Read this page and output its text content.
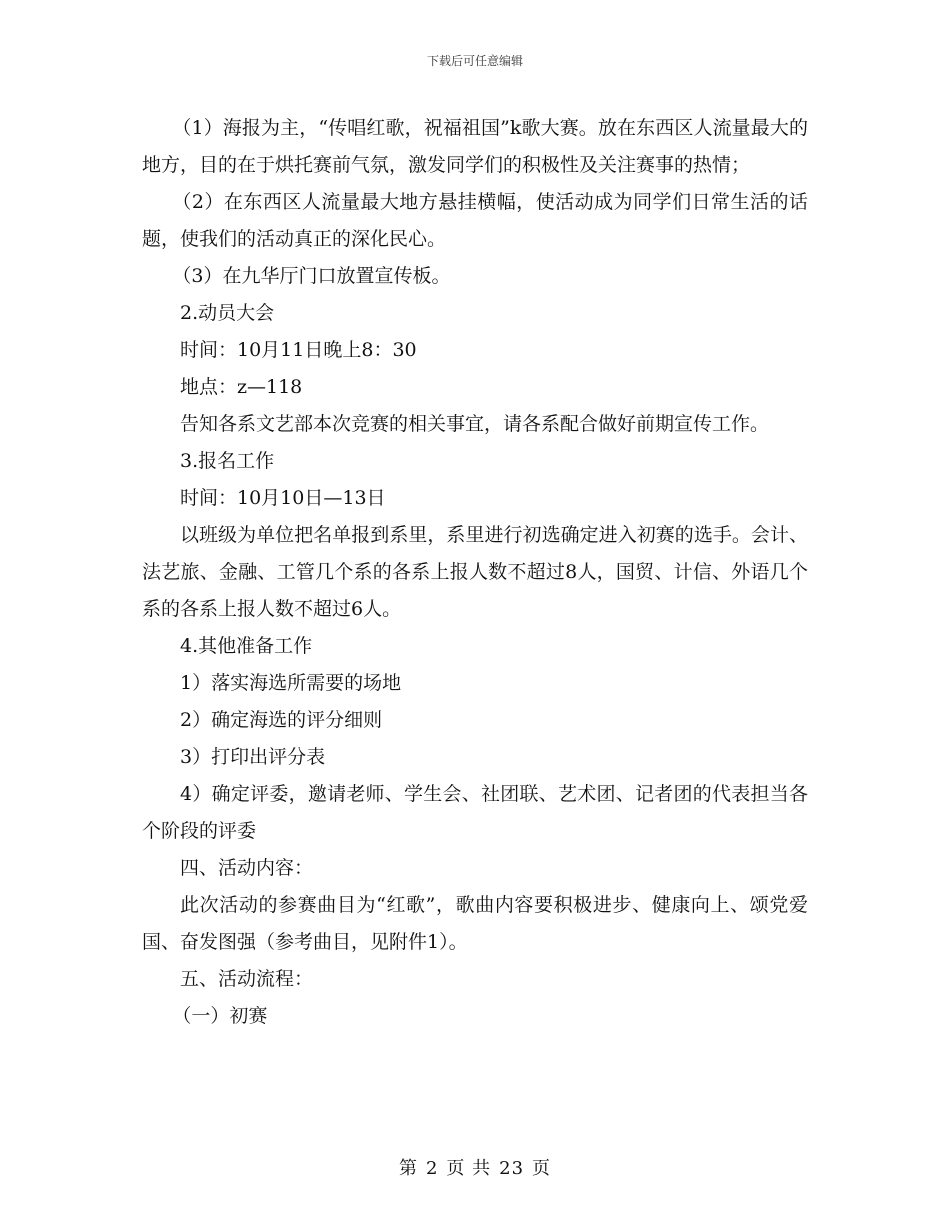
下载后可任意编辑

（1）海报为主，“传唱红歌，祝福祖国”k歌大赛。放在东西区人流量最大的地方，目的在于烘托赛前气氛，激发同学们的积极性及关注赛事的热情；

（2）在东西区人流量最大地方悬挂横幅，使活动成为同学们日常生活的话题，使我们的活动真正的深化民心。

（3）在九华厅门口放置宣传板。

2.动员大会

时间：10月11日晚上8：30

地点：z—118

告知各系文艺部本次竞赛的相关事宜，请各系配合做好前期宣传工作。

3.报名工作

时间：10月10日—13日

以班级为单位把名单报到系里，系里进行初选确定进入初赛的选手。会计、法艺旅、金融、工管几个系的各系上报人数不超过8人，国贸、计信、外语几个系的各系上报人数不超过6人。

4.其他准备工作

1）落实海选所需要的场地

2）确定海选的评分细则

3）打印出评分表

4）确定评委，邀请老师、学生会、社团联、艺术团、记者团的代表担当各个阶段的评委

四、活动内容：

此次活动的参赛曲目为“红歌”，歌曲内容要积极进步、健康向上、颂党爱国、奋发图强（参考曲目，见附件1）。

五、活动流程：

（一）初赛

第 2 页 共 23 页
